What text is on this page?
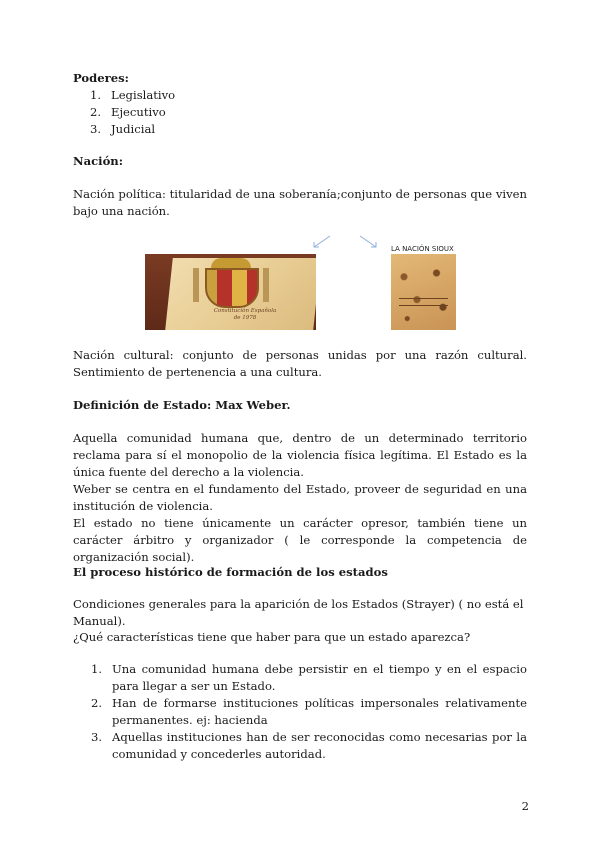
Poderes:

1. Legislativo
2. Ejecutivo
3. Judicial

Nación:

Nación política: titularidad de una soberanía;conjunto de personas que viven bajo una nación.

Constitución Española
de 1978
LA NACIÓN SIOUX

Nación cultural: conjunto de personas unidas por una razón cultural. Sentimiento de pertenencia a una cultura.

Definición de Estado: Max Weber.

Aquella comunidad humana que, dentro de un determinado territorio reclama para sí el monopolio de la violencia física legítima. El Estado es la única fuente del derecho a la violencia.

Weber se centra en el fundamento del Estado, proveer de seguridad en una institución de violencia.

El estado no tiene únicamente un carácter opresor, también tiene un carácter árbitro y organizador ( le corresponde la competencia de organización social).

El proceso histórico de formación de los estados

Condiciones generales para la aparición de los Estados (Strayer) ( no está el Manual).

¿Qué características tiene que haber para que un estado aparezca?

1. Una comunidad humana debe persistir en el tiempo y en el espacio para llegar a ser un Estado.
2. Han de formarse instituciones políticas impersonales relativamente permanentes. ej: hacienda
3. Aquellas instituciones han de ser reconocidas como necesarias por la comunidad y concederles autoridad.
2
